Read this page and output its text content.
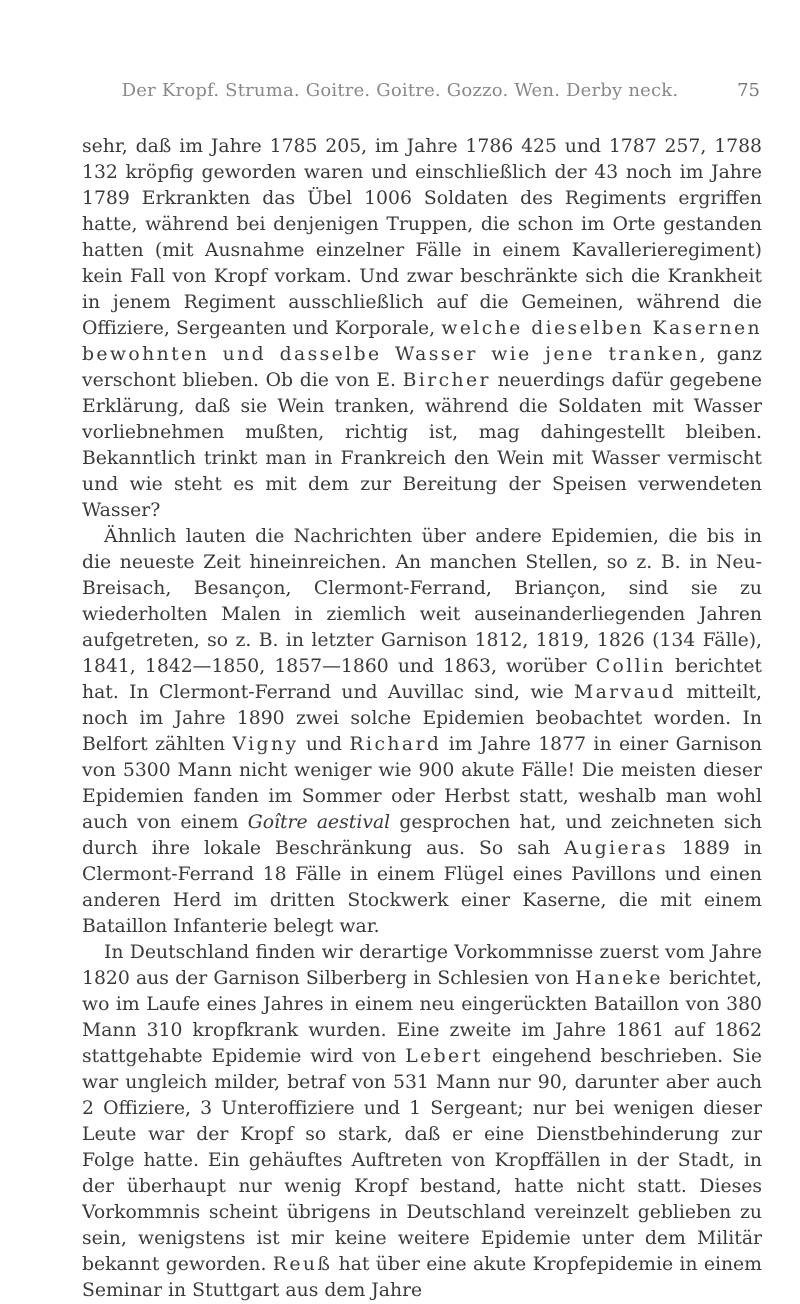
Der Kropf. Struma. Goitre. Goitre. Gozzo. Wen. Derby neck.	75

sehr, daß im Jahre 1785 205, im Jahre 1786 425 und 1787 257, 1788 132 kröpfig geworden waren und einschließlich der 43 noch im Jahre 1789 Erkrankten das Übel 1006 Soldaten des Regiments ergriffen hatte, während bei denjenigen Truppen, die schon im Orte gestanden hatten (mit Ausnahme einzelner Fälle in einem Kavallerieregiment) kein Fall von Kropf vorkam. Und zwar beschränkte sich die Krankheit in jenem Regiment ausschließlich auf die Gemeinen, während die Offiziere, Sergeanten und Korporale, welche dieselben Kasernen bewohnten und dasselbe Wasser wie jene tranken, ganz verschont blieben. Ob die von E. Bircher neuerdings dafür gegebene Erklärung, daß sie Wein tranken, während die Soldaten mit Wasser vorliebnehmen mußten, richtig ist, mag dahingestellt bleiben. Bekanntlich trinkt man in Frankreich den Wein mit Wasser vermischt und wie steht es mit dem zur Bereitung der Speisen verwendeten Wasser?

Ähnlich lauten die Nachrichten über andere Epidemien, die bis in die neueste Zeit hineinreichen. An manchen Stellen, so z. B. in Neu-Breisach, Besançon, Clermont-Ferrand, Briançon, sind sie zu wiederholten Malen in ziemlich weit auseinanderliegenden Jahren aufgetreten, so z. B. in letzter Garnison 1812, 1819, 1826 (134 Fälle), 1841, 1842—1850, 1857—1860 und 1863, worüber Collin berichtet hat. In Clermont-Ferrand und Auvillac sind, wie Marvaud mitteilt, noch im Jahre 1890 zwei solche Epidemien beobachtet worden. In Belfort zählten Vigny und Richard im Jahre 1877 in einer Garnison von 5300 Mann nicht weniger wie 900 akute Fälle! Die meisten dieser Epidemien fanden im Sommer oder Herbst statt, weshalb man wohl auch von einem Goître aestival gesprochen hat, und zeichneten sich durch ihre lokale Beschränkung aus. So sah Augieras 1889 in Clermont-Ferrand 18 Fälle in einem Flügel eines Pavillons und einen anderen Herd im dritten Stockwerk einer Kaserne, die mit einem Bataillon Infanterie belegt war.

In Deutschland finden wir derartige Vorkommnisse zuerst vom Jahre 1820 aus der Garnison Silberberg in Schlesien von Haneke berichtet, wo im Laufe eines Jahres in einem neu eingerückten Bataillon von 380 Mann 310 kropfkrank wurden. Eine zweite im Jahre 1861 auf 1862 stattgehabte Epidemie wird von Lebert eingehend beschrieben. Sie war ungleich milder, betraf von 531 Mann nur 90, darunter aber auch 2 Offiziere, 3 Unteroffiziere und 1 Sergeant; nur bei wenigen dieser Leute war der Kropf so stark, daß er eine Dienstbehinderung zur Folge hatte. Ein gehäuftes Auftreten von Kropffällen in der Stadt, in der überhaupt nur wenig Kropf bestand, hatte nicht statt. Dieses Vorkommnis scheint übrigens in Deutschland vereinzelt geblieben zu sein, wenigstens ist mir keine weitere Epidemie unter dem Militär bekannt geworden. Reuß hat über eine akute Kropfepidemie in einem Seminar in Stuttgart aus dem Jahre
